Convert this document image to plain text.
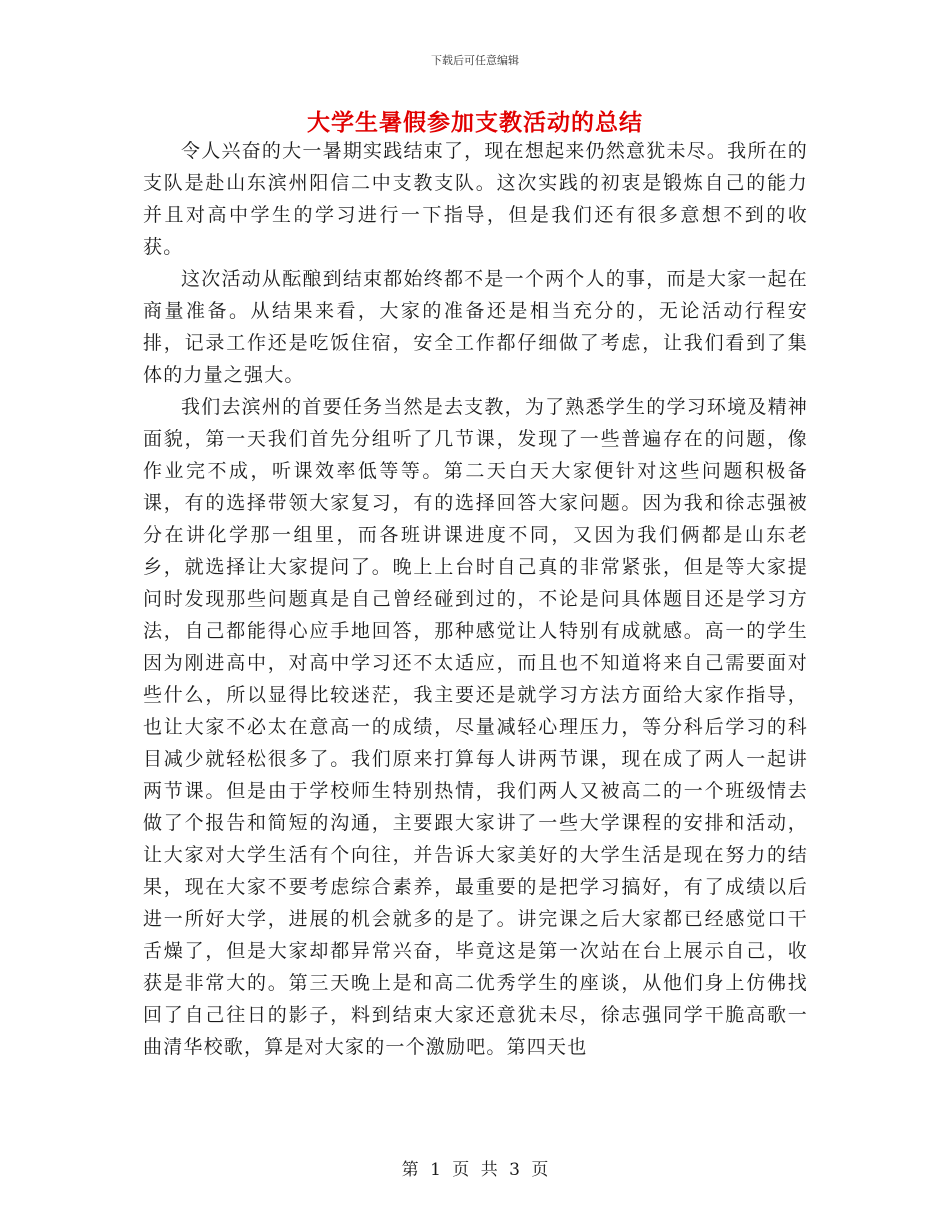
下载后可任意编辑
大学生暑假参加支教活动的总结

令人兴奋的大一暑期实践结束了，现在想起来仍然意犹未尽。我所在的支队是赴山东滨州阳信二中支教支队。这次实践的初衷是锻炼自己的能力并且对高中学生的学习进行一下指导，但是我们还有很多意想不到的收获。

这次活动从酝酿到结束都始终都不是一个两个人的事，而是大家一起在商量准备。从结果来看，大家的准备还是相当充分的，无论活动行程安排，记录工作还是吃饭住宿，安全工作都仔细做了考虑，让我们看到了集体的力量之强大。

我们去滨州的首要任务当然是去支教，为了熟悉学生的学习环境及精神面貌，第一天我们首先分组听了几节课，发现了一些普遍存在的问题，像作业完不成，听课效率低等等。第二天白天大家便针对这些问题积极备课，有的选择带领大家复习，有的选择回答大家问题。因为我和徐志强被分在讲化学那一组里，而各班讲课进度不同，又因为我们俩都是山东老乡，就选择让大家提问了。晚上上台时自己真的非常紧张，但是等大家提问时发现那些问题真是自己曾经碰到过的，不论是问具体题目还是学习方法，自己都能得心应手地回答，那种感觉让人特别有成就感。高一的学生因为刚进高中，对高中学习还不太适应，而且也不知道将来自己需要面对些什么，所以显得比较迷茫，我主要还是就学习方法方面给大家作指导，也让大家不必太在意高一的成绩，尽量减轻心理压力，等分科后学习的科目减少就轻松很多了。我们原来打算每人讲两节课，现在成了两人一起讲两节课。但是由于学校师生特别热情，我们两人又被高二的一个班级情去做了个报告和简短的沟通，主要跟大家讲了一些大学课程的安排和活动，让大家对大学生活有个向往，并告诉大家美好的大学生活是现在努力的结果，现在大家不要考虑综合素养，最重要的是把学习搞好，有了成绩以后进一所好大学，进展的机会就多的是了。讲完课之后大家都已经感觉口干舌燥了，但是大家却都异常兴奋，毕竟这是第一次站在台上展示自己，收获是非常大的。第三天晚上是和高二优秀学生的座谈，从他们身上仿佛找回了自己往日的影子，料到结束大家还意犹未尽，徐志强同学干脆高歌一曲清华校歌，算是对大家的一个激励吧。第四天也

第 1 页 共 3 页
